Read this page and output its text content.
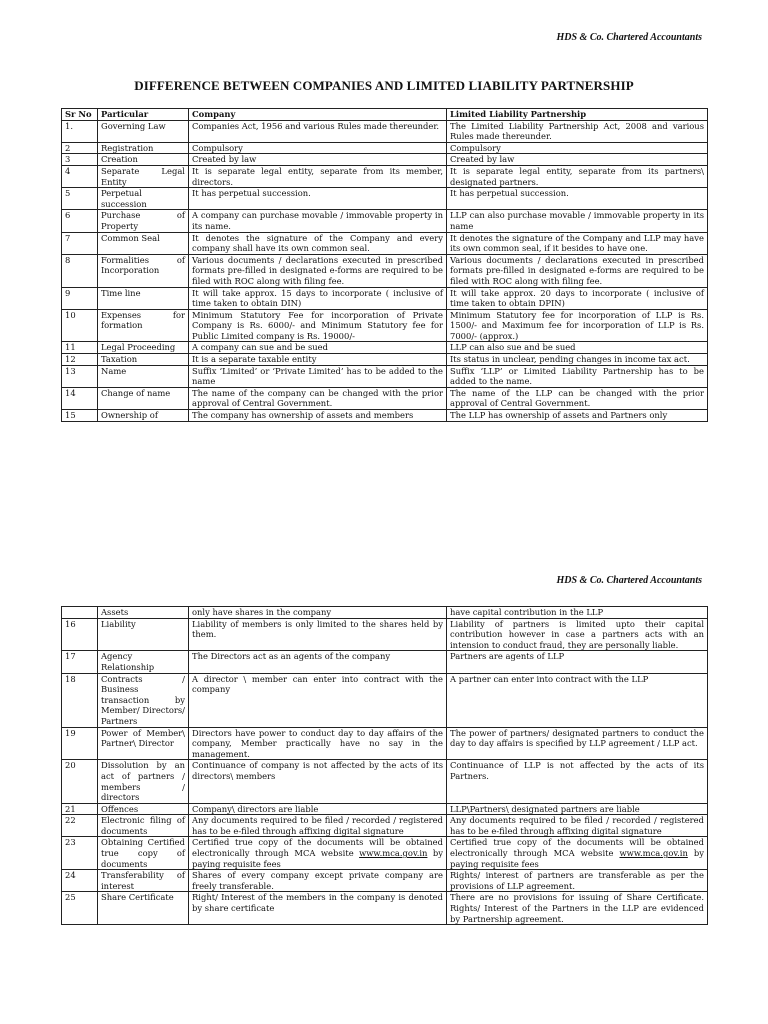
HDS & Co. Chartered Accountants
DIFFERENCE BETWEEN COMPANIES AND LIMITED LIABILITY PARTNERSHIP
Sr No	Particular	Company	Limited Liability Partnership
1.	Governing Law	Companies Act, 1956 and various Rules made thereunder.	The Limited Liability Partnership Act, 2008 and various Rules made thereunder.
2	Registration	Compulsory	Compulsory
3	Creation	Created by law	Created by law
4	Separate Legal Entity	It is separate legal entity, separate from its member, directors.	It is separate legal entity, separate from its partners\ designated partners.
5	Perpetual succession	It has perpetual succession.	It has perpetual succession.
6	Purchase of Property	A company can purchase movable / immovable property in its name.	LLP can also purchase movable / immovable property in its name
7	Common Seal	It denotes the signature of the Company and every company shall have its own common seal.	It denotes the signature of the Company and LLP may have its own common seal, if it besides to have one.
8	Formalities of Incorporation	Various documents / declarations executed in prescribed formats pre-filled in designated e-forms are required to be filed with ROC along with filing fee.	Various documents / declarations executed in prescribed formats pre-filled in designated e-forms are required to be filed with ROC along with filing fee.
9	Time line	It will take approx. 15 days to incorporate ( inclusive of time taken to obtain DIN)	It will take approx. 20 days to incorporate ( inclusive of time taken to obtain DPIN)
10	Expenses for formation	Minimum Statutory Fee for incorporation of Private Company is Rs. 6000/- and Minimum Statutory fee for Public Limited company is Rs. 19000/-	Minimum Statutory fee for incorporation of LLP is Rs. 1500/- and Maximum fee for incorporation of LLP is Rs. 7000/- (approx.)
11	Legal Proceeding	A company can sue and be sued	LLP can also sue and be sued
12	Taxation	It is a separate taxable entity	Its status in unclear, pending changes in income tax act.
13	Name	Suffix ‘Limited’ or ‘Private Limited’ has to be added to the name	Suffix ‘LLP’ or Limited Liability Partnership has to be added to the name.
14	Change of name	The name of the company can be changed with the prior approval of Central Government.	The name of the LLP can be changed with the prior approval of Central Government.
15	Ownership of	The company has ownership of assets and members	The LLP has ownership of assets and Partners only
HDS & Co. Chartered Accountants
	Assets	only have shares in the company	have capital contribution in the LLP
16	Liability	Liability of members is only limited to the shares held by them.	Liability of partners is limited upto their capital contribution however in case a partners acts with an intension to conduct fraud, they are personally liable.
17	Agency Relationship	The Directors act as an agents of the company	Partners are agents of LLP
18	Contracts / Business transaction by Member/ Directors/ Partners	A director \ member can enter into contract with the company	A partner can enter into contract with the LLP
19	Power of Member\ Partner\ Director	Directors have power to conduct day to day affairs of the company, Member practically have no say in the management.	The power of partners/ designated partners to conduct the day to day affairs is specified by LLP agreement / LLP act.
20	Dissolution by an act of partners / members / directors	Continuance of company is not affected by the acts of its directors\ members	Continuance of LLP is not affected by the acts of its Partners.
21	Offences	Company\ directors are liable	LLP\Partners\ designated partners are liable
22	Electronic filing of documents	Any documents required to be filed / recorded / registered has to be e-filed through affixing digital signature	Any documents required to be filed / recorded / registered has to be e-filed through affixing digital signature
23	Obtaining Certified true copy of documents	Certified true copy of the documents will be obtained electronically through MCA website www.mca.gov.in by paying requisite fees	Certified true copy of the documents will be obtained electronically through MCA website www.mca.gov.in by paying requisite fees
24	Transferability of interest	Shares of every company except private company are freely transferable.	Rights/ interest of partners are transferable as per the provisions of LLP agreement.
25	Share Certificate	Right/ Interest of the members in the company is denoted by share certificate	There are no provisions for issuing of Share Certificate. Rights/ Interest of the Partners in the LLP are evidenced by Partnership agreement.
